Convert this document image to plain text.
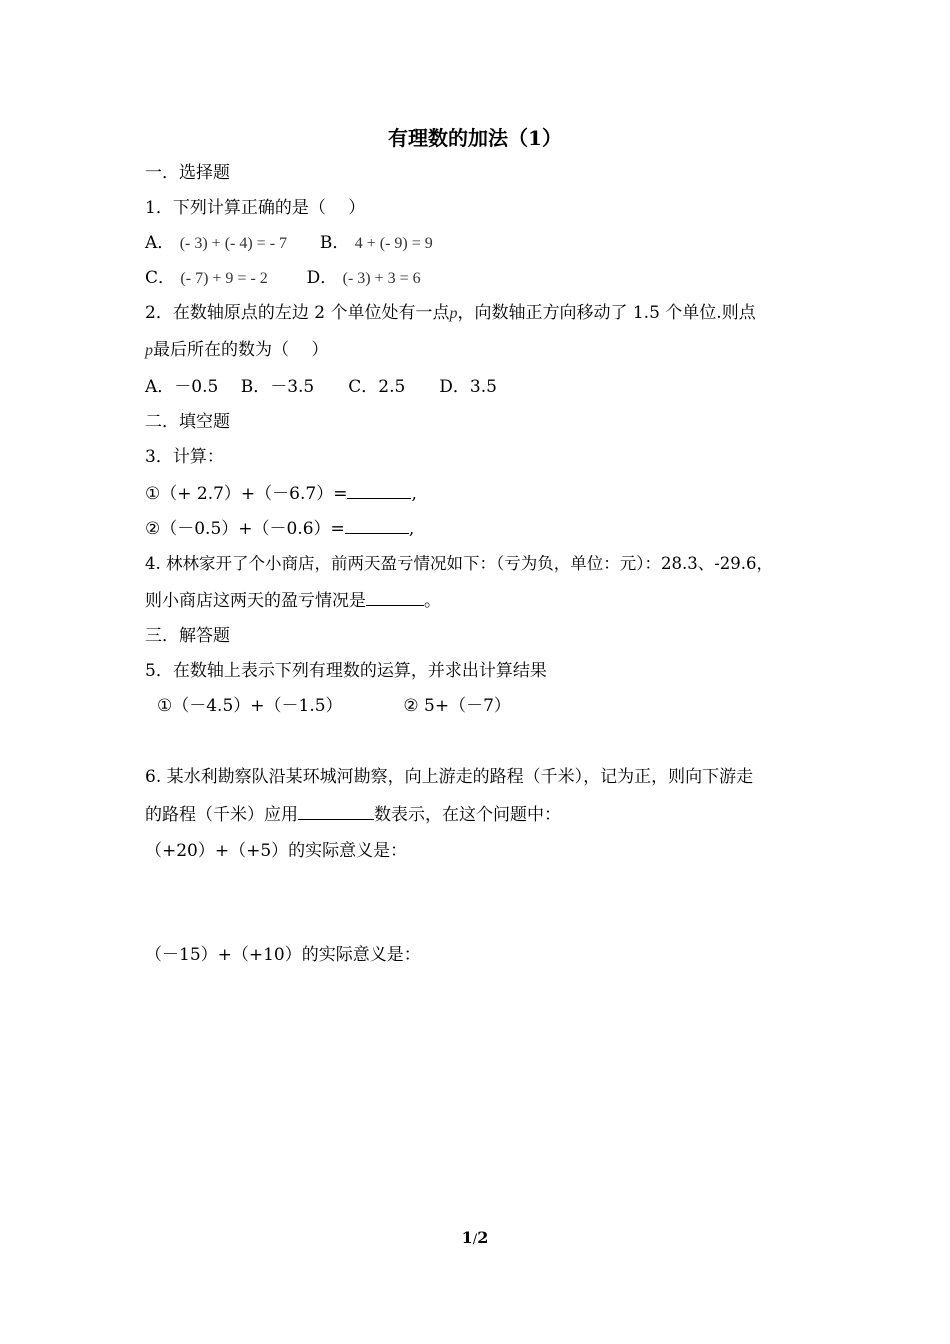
有理数的加法（1）
一．选择题
1．下列计算正确的是（　 ）
A． (- 3) + (- 4) = - 7 B． 4 + (- 9) = 9
C． (- 7) + 9 = - 2 D． (- 3) + 3 = 6
2．在数轴原点的左边 2 个单位处有一点p，向数轴正方向移动了 1.5 个单位.则点
p最后所在的数为（　 ）
A．－0.5　 B．－3.5　　C．2.5　　D．3.5
二．填空题
3．计算：
①（+ 2.7）+（－6.7）=	,
②（－0.5）+（－0.6）=	,
4. 林林家开了个小商店，前两天盈亏情况如下：（亏为负，单位：元）：28.3、-29.6，
则小商店这两天的盈亏情况是	。
三．解答题
5．在数轴上表示下列有理数的运算，并求出计算结果
①（－4.5）+（－1.5）	② 5+（－7）
6. 某水利勘察队沿某环城河勘察，向上游走的路程（千米），记为正，则向下游走
的路程（千米）应用	数表示，在这个问题中：
（+20）+（+5）的实际意义是：
（－15）+（+10）的实际意义是：
1/2
